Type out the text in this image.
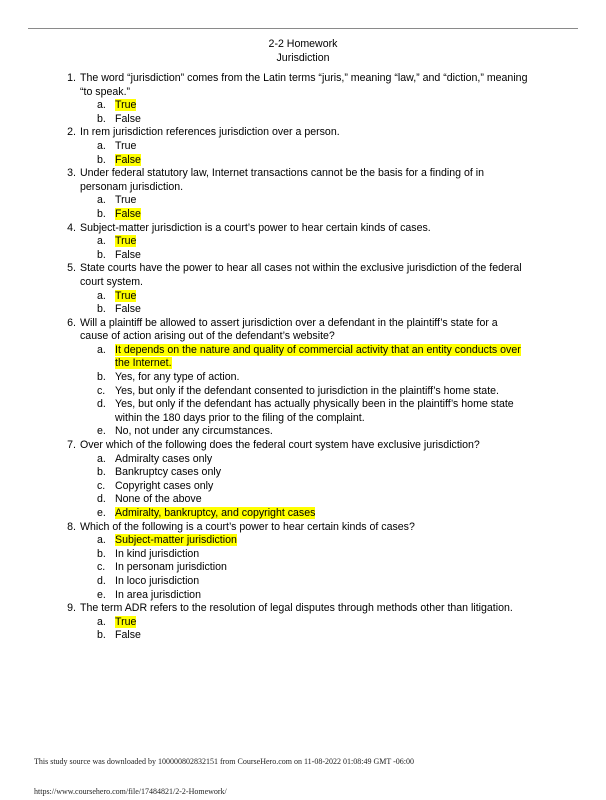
2-2 Homework
Jurisdiction
1. The word “jurisdiction” comes from the Latin terms “juris,” meaning “law,” and “diction,” meaning “to speak.”
a. True
b. False
2. In rem jurisdiction references jurisdiction over a person.
a. True
b. False
3. Under federal statutory law, Internet transactions cannot be the basis for a finding of in personam jurisdiction.
a. True
b. False
4. Subject-matter jurisdiction is a court’s power to hear certain kinds of cases.
a. True
b. False
5. State courts have the power to hear all cases not within the exclusive jurisdiction of the federal court system.
a. True
b. False
6. Will a plaintiff be allowed to assert jurisdiction over a defendant in the plaintiff’s state for a cause of action arising out of the defendant’s website?
a. It depends on the nature and quality of commercial activity that an entity conducts over the Internet.
b. Yes, for any type of action.
c. Yes, but only if the defendant consented to jurisdiction in the plaintiff’s home state.
d. Yes, but only if the defendant has actually physically been in the plaintiff’s home state within the 180 days prior to the filing of the complaint.
e. No, not under any circumstances.
7. Over which of the following does the federal court system have exclusive jurisdiction?
a. Admiralty cases only
b. Bankruptcy cases only
c. Copyright cases only
d. None of the above
e. Admiralty, bankruptcy, and copyright cases
8. Which of the following is a court’s power to hear certain kinds of cases?
a. Subject-matter jurisdiction
b. In kind jurisdiction
c. In personam jurisdiction
d. In loco jurisdiction
e. In area jurisdiction
9. The term ADR refers to the resolution of legal disputes through methods other than litigation.
a. True
b. False
This study source was downloaded by 100000802832151 from CourseHero.com on 11-08-2022 01:08:49 GMT -06:00
https://www.coursehero.com/file/17484821/2-2-Homework/
